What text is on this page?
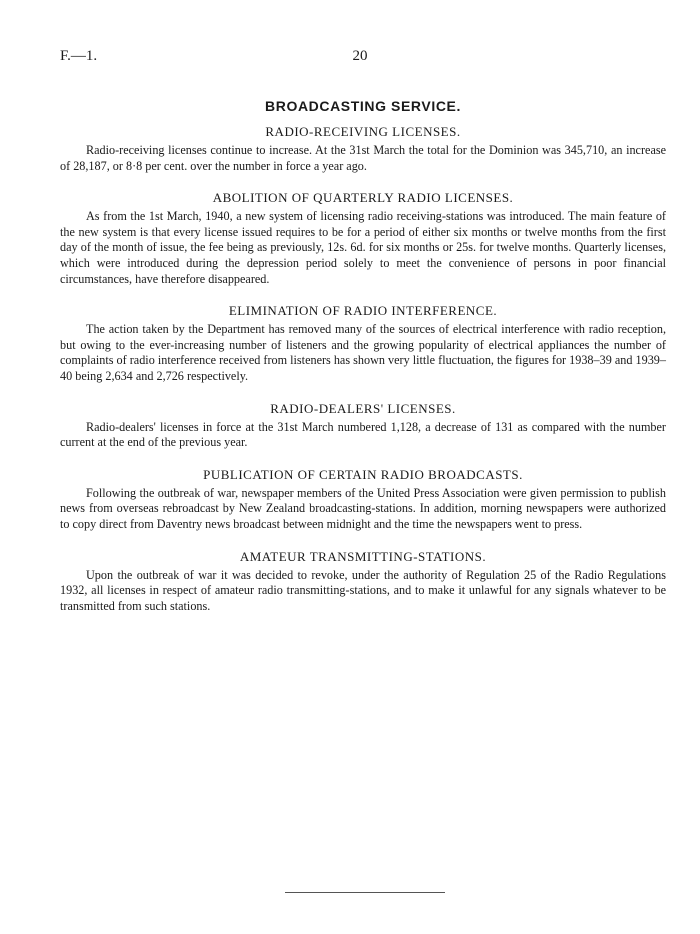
F.—1.	20
BROADCASTING SERVICE.
RADIO-RECEIVING LICENSES.

Radio-receiving licenses continue to increase. At the 31st March the total for the Dominion was 345,710, an increase of 28,187, or 8·8 per cent. over the number in force a year ago.

ABOLITION OF QUARTERLY RADIO LICENSES.

As from the 1st March, 1940, a new system of licensing radio receiving-stations was introduced. The main feature of the new system is that every license issued requires to be for a period of either six months or twelve months from the first day of the month of issue, the fee being as previously, 12s. 6d. for six months or 25s. for twelve months. Quarterly licenses, which were introduced during the depression period solely to meet the convenience of persons in poor financial circumstances, have therefore disappeared.

ELIMINATION OF RADIO INTERFERENCE.

The action taken by the Department has removed many of the sources of electrical interference with radio reception, but owing to the ever-increasing number of listeners and the growing popularity of electrical appliances the number of complaints of radio interference received from listeners has shown very little fluctuation, the figures for 1938–39 and 1939–40 being 2,634 and 2,726 respectively.

RADIO-DEALERS' LICENSES.

Radio-dealers' licenses in force at the 31st March numbered 1,128, a decrease of 131 as compared with the number current at the end of the previous year.

PUBLICATION OF CERTAIN RADIO BROADCASTS.

Following the outbreak of war, newspaper members of the United Press Association were given permission to publish news from overseas rebroadcast by New Zealand broadcasting-stations. In addition, morning newspapers were authorized to copy direct from Daventry news broadcast between midnight and the time the newspapers went to press.

AMATEUR TRANSMITTING-STATIONS.

Upon the outbreak of war it was decided to revoke, under the authority of Regulation 25 of the Radio Regulations 1932, all licenses in respect of amateur radio transmitting-stations, and to make it unlawful for any signals whatever to be transmitted from such stations.
